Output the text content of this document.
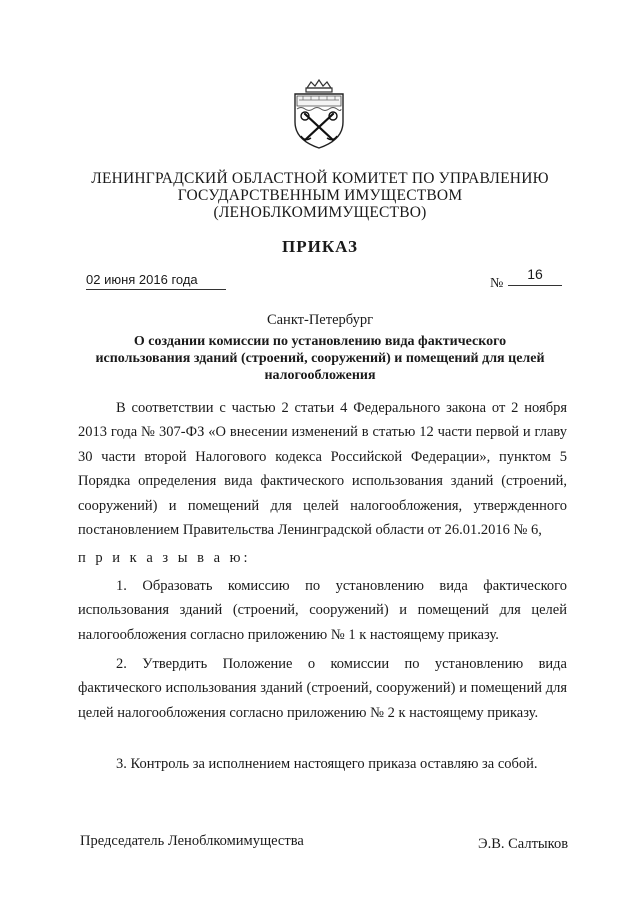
ЛЕНИНГРАДСКИЙ ОБЛАСТНОЙ КОМИТЕТ ПО УПРАВЛЕНИЮ
ГОСУДАРСТВЕННЫМ ИМУЩЕСТВОМ
(ЛЕНОБЛКОМИМУЩЕСТВО)
ПРИКАЗ
02 июня 2016 года	№
16
Санкт-Петербург
О создании комиссии по установлению вида фактического использования зданий (строений, сооружений) и помещений для целей налогообложения
В соответствии с частью 2 статьи 4 Федерального закона от 2 ноября 2013 года № 307-ФЗ «О внесении изменений в статью 12 части первой и главу 30 части второй Налогового кодекса Российской Федерации», пунктом 5 Порядка определения вида фактического использования зданий (строений, сооружений) и помещений для целей налогообложения, утвержденного постановлением Правительства Ленинградской области от 26.01.2016 № 6,
п р и к а з ы в а ю:
1. Образовать комиссию по установлению вида фактического использования зданий (строений, сооружений) и помещений для целей налогообложения согласно приложению № 1 к настоящему приказу.
2. Утвердить Положение о комиссии по установлению вида фактического использования зданий (строений, сооружений) и помещений для целей налогообложения согласно приложению № 2 к настоящему приказу.
3. Контроль за исполнением настоящего приказа оставляю за собой.
Председатель Леноблкомимущества	Э.В. Салтыков
